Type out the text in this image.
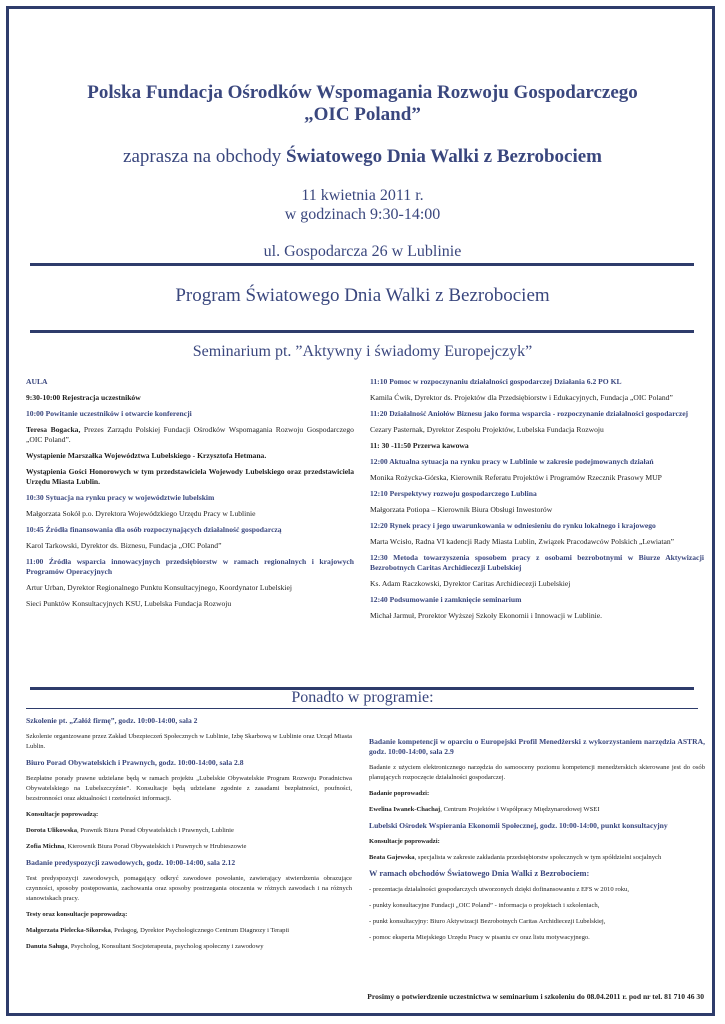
Polska Fundacja Ośrodków Wspomagania Rozwoju Gospodarczego
„OIC Poland”
zaprasza na obchody Światowego Dnia Walki z Bezrobociem
11 kwietnia 2011 r.
w godzinach 9:30-14:00
ul. Gospodarcza 26 w Lublinie
Program Światowego Dnia Walki z Bezrobociem
Seminarium pt. ”Aktywny i świadomy Europejczyk”

AULA

9:30-10:00 Rejestracja uczestników

10:00 Powitanie uczestników i otwarcie konferencji

Teresa Bogacka, Prezes Zarządu Polskiej Fundacji Ośrodków Wspomagania Rozwoju Gospodarczego „OIC Poland”.

Wystąpienie Marszałka Województwa Lubelskiego - Krzysztofa Hetmana.

Wystąpienia Gości Honorowych w tym przedstawiciela Wojewody Lubelskiego oraz przedstawiciela Urzędu Miasta Lublin.

10:30 Sytuacja na rynku pracy w województwie lubelskim

Małgorzata Sokół p.o. Dyrektora Wojewódzkiego Urzędu Pracy w Lublinie

10:45 Źródła finansowania dla osób rozpoczynających działalność gospodarczą

Karol Tarkowski, Dyrektor ds. Biznesu, Fundacja „OIC Poland”

11:00 Źródła wsparcia innowacyjnych przedsiębiorstw w ramach regionalnych i krajowych Programów Operacyjnych

Artur Urban, Dyrektor Regionalnego Punktu Konsultacyjnego, Koordynator Lubelskiej

Sieci Punktów Konsultacyjnych KSU, Lubelska Fundacja Rozwoju

11:10 Pomoc w rozpoczynaniu działalności gospodarczej Działania 6.2 PO KL

Kamila Ćwik, Dyrektor ds. Projektów dla Przedsiębiorstw i Edukacyjnych, Fundacja „OIC Poland”

11:20 Działalność Aniołów Biznesu jako forma wsparcia - rozpoczynanie działalności gospodarczej

Cezary Pasternak, Dyrektor Zespołu Projektów, Lubelska Fundacja Rozwoju

11: 30 -11:50 Przerwa kawowa

12:00 Aktualna sytuacja na rynku pracy w Lublinie w zakresie podejmowanych działań

Monika Rożycka-Górska, Kierownik Referatu Projektów i Programów Rzecznik Prasowy MUP

12:10 Perspektywy rozwoju gospodarczego Lublina

Małgorzata Potiopa – Kierownik Biura Obsługi Inwestorów

12:20 Rynek pracy i jego uwarunkowania w odniesieniu do rynku lokalnego i krajowego

Marta Wcisło, Radna VI kadencji Rady Miasta Lublin, Związek Pracodawców Polskich „Lewiatan”

12:30 Metoda towarzyszenia sposobem pracy z osobami bezrobotnymi w Biurze Aktywizacji Bezrobotnych Caritas Archidiecezji Lubelskiej

Ks. Adam Raczkowski, Dyrektor Caritas Archidiecezji Lubelskiej

12:40 Podsumowanie i zamknięcie seminarium

Michał Jarmuł, Prorektor Wyższej Szkoły Ekonomii i Innowacji w Lublinie.

Ponadto w programie:

Szkolenie pt. „Załóż firmę”, godz. 10:00-14:00, sala 2

Szkolenie organizowane przez Zakład Ubezpieczeń Społecznych w Lublinie, Izbę Skarbową w Lublinie oraz Urząd Miasta Lublin.

Biuro Porad Obywatelskich i Prawnych, godz. 10:00-14:00, sala 2.8

Bezpłatne porady prawne udzielane będą w ramach projektu „Lubelskie Obywatelskie Program Rozwoju Poradnictwa Obywatelskiego na Lubelszczyźnie”. Konsultacje będą udzielane zgodnie z zasadami bezpłatności, poufności, bezstronności oraz aktualności i rzetelności informacji.

Konsultacje poprowadzą:

Dorota Ulikowska, Prawnik Biura Porad Obywatelskich i Prawnych, Lublinie

Zofia Michna, Kierownik Biura Porad Obywatelskich i Prawnych w Hrubieszowie

Badanie predyspozycji zawodowych, godz. 10:00-14:00, sala 2.12

Test predyspozycji zawodowych, pomagający odkryć zawodowe powołanie, zawierający stwierdzenia obrazujące czynności, sposoby postępowania, zachowania oraz sposoby postrzegania otoczenia w różnych zawodach i na różnych stanowiskach pracy.

Testy oraz konsultacje poprowadzą:

Małgorzata Pielecka-Sikorska, Pedagog, Dyrektor Psychologicznego Centrum Diagnozy i Terapii

Danuta Saługa, Psycholog, Konsultant Socjoterapeuta, psycholog społeczny i zawodowy

Badanie kompetencji w oparciu o Europejski Profil Menedżerski z wykorzystaniem narzędzia ASTRA, godz. 10:00-14:00, sala 2.9

Badanie z użyciem elektronicznego narzędzia do samooceny poziomu kompetencji menedżerskich skierowane jest do osób planujących rozpoczęcie działalności gospodarczej.

Badanie poprowadzi:

Ewelina Iwanek-Chachaj, Centrum Projektów i Współpracy Międzynarodowej WSEI

Lubelski Ośrodek Wspierania Ekonomii Społecznej, godz. 10:00-14:00, punkt konsultacyjny

Konsultacje poprowadzi:

Beata Gajewska, specjalista w zakresie zakładania przedsiębiorstw społecznych w tym spółdzielni socjalnych

W ramach obchodów Światowego Dnia Walki z Bezrobociem:

- prezentacja działalności gospodarczych utworzonych dzięki dofinansowaniu z EFS w 2010 roku,

- punkty konsultacyjne Fundacji „OIC Poland” - informacja o projektach i szkoleniach,

- punkt konsultacyjny: Biuro Aktywizacji Bezrobotnych Caritas Archidiecezji Lubelskiej,

- pomoc eksperta Miejskiego Urzędu Pracy w pisaniu cv oraz listu motywacyjnego.

Prosimy o potwierdzenie uczestnictwa w seminarium i szkoleniu do 08.04.2011 r. pod nr tel. 81 710 46 30
